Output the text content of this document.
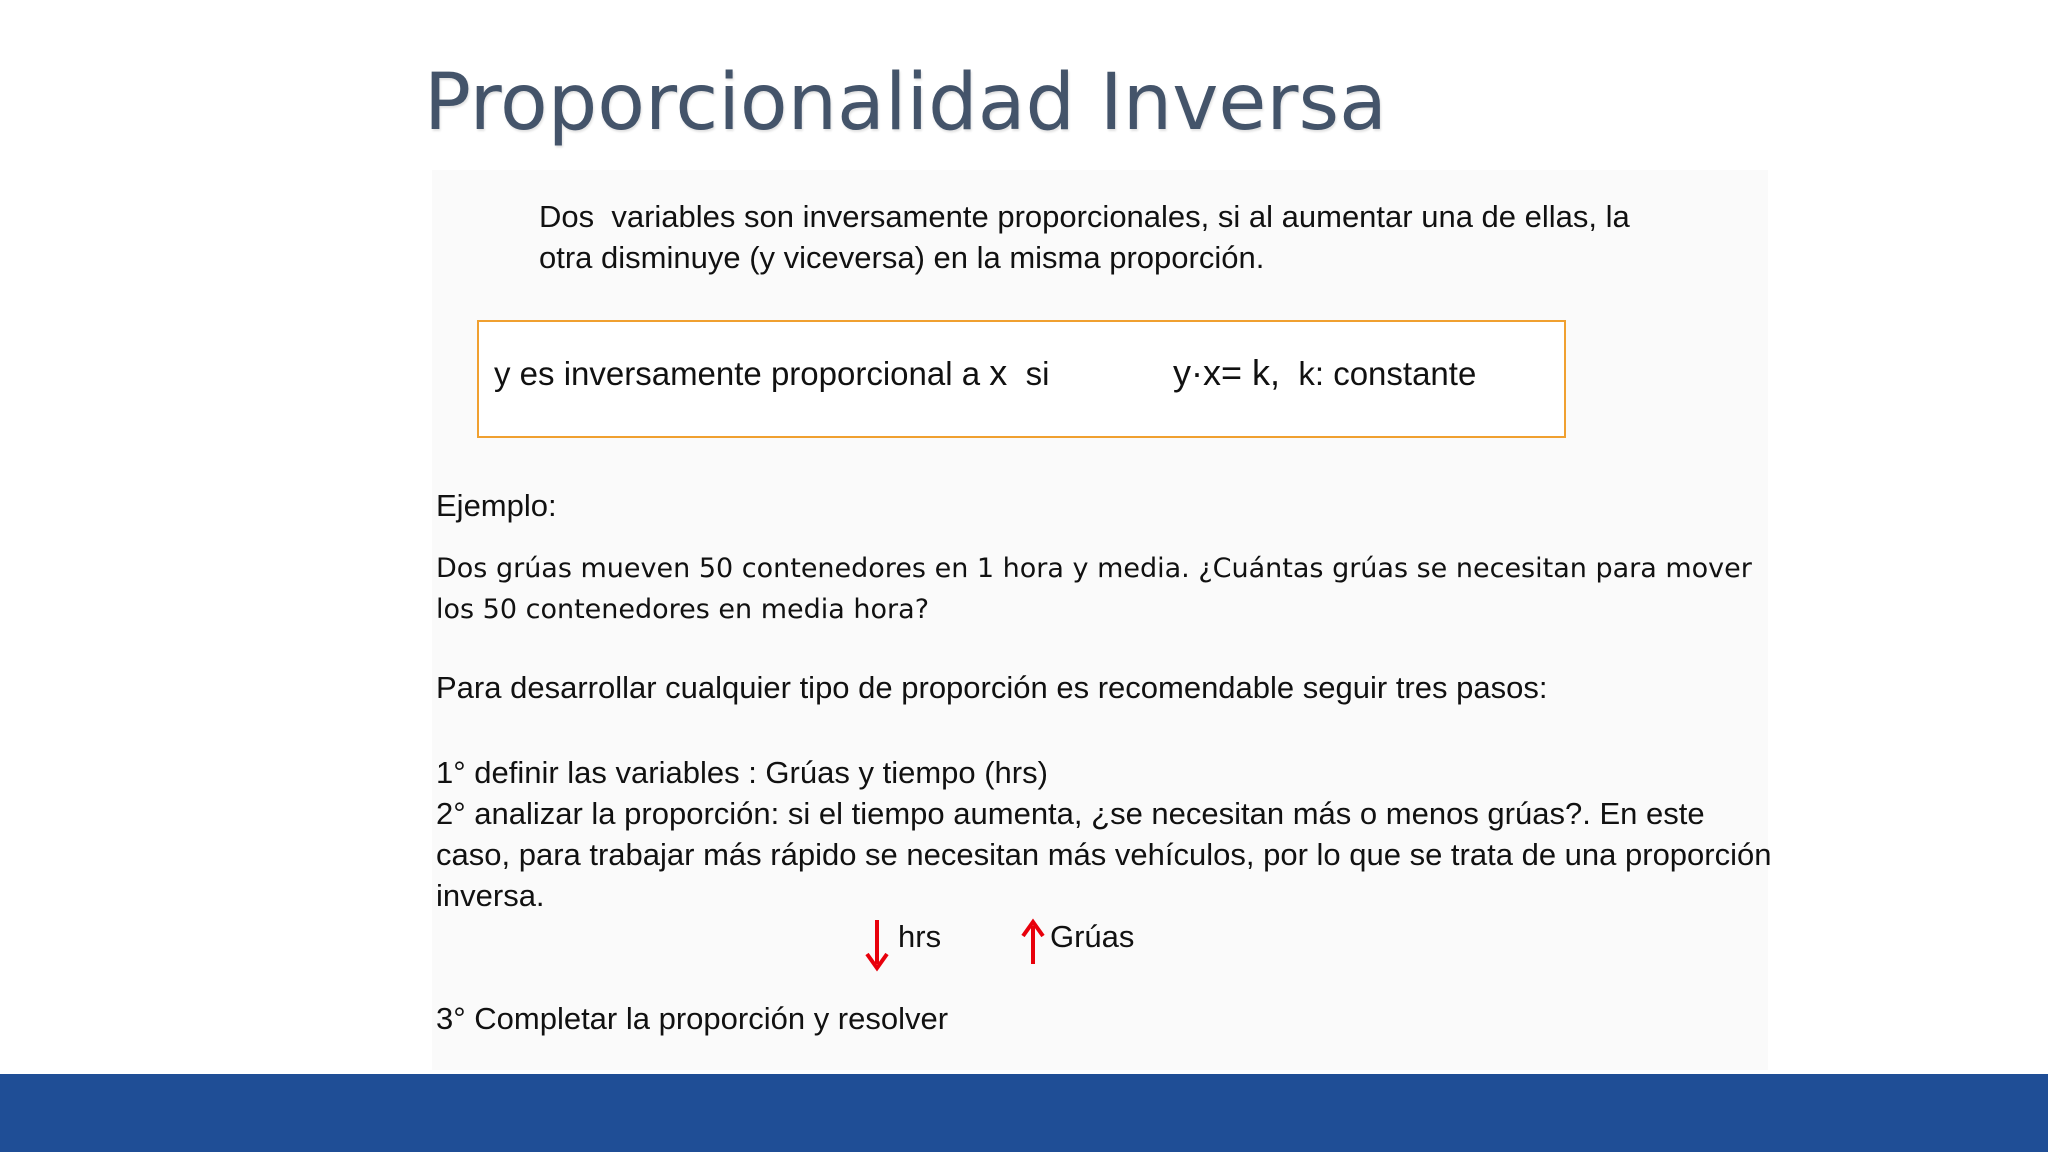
Proporcionalidad Inversa
Dos  variables son inversamente proporcionales, si al aumentar una de ellas, la
otra disminuye (y viceversa) en la misma proporción.
y es inversamente proporcional a x  si	y·x= k,  k: constante
Ejemplo:
Dos grúas mueven 50 contenedores en 1 hora y media. ¿Cuántas grúas se necesitan para mover
los 50 contenedores en media hora?
Para desarrollar cualquier tipo de proporción es recomendable seguir tres pasos:
1° definir las variables : Grúas y tiempo (hrs)
2° analizar la proporción: si el tiempo aumenta, ¿se necesitan más o menos grúas?. En este caso, para trabajar más rápido se necesitan más vehículos, por lo que se trata de una proporción inversa.
hrs	Grúas
3° Completar la proporción y resolver
